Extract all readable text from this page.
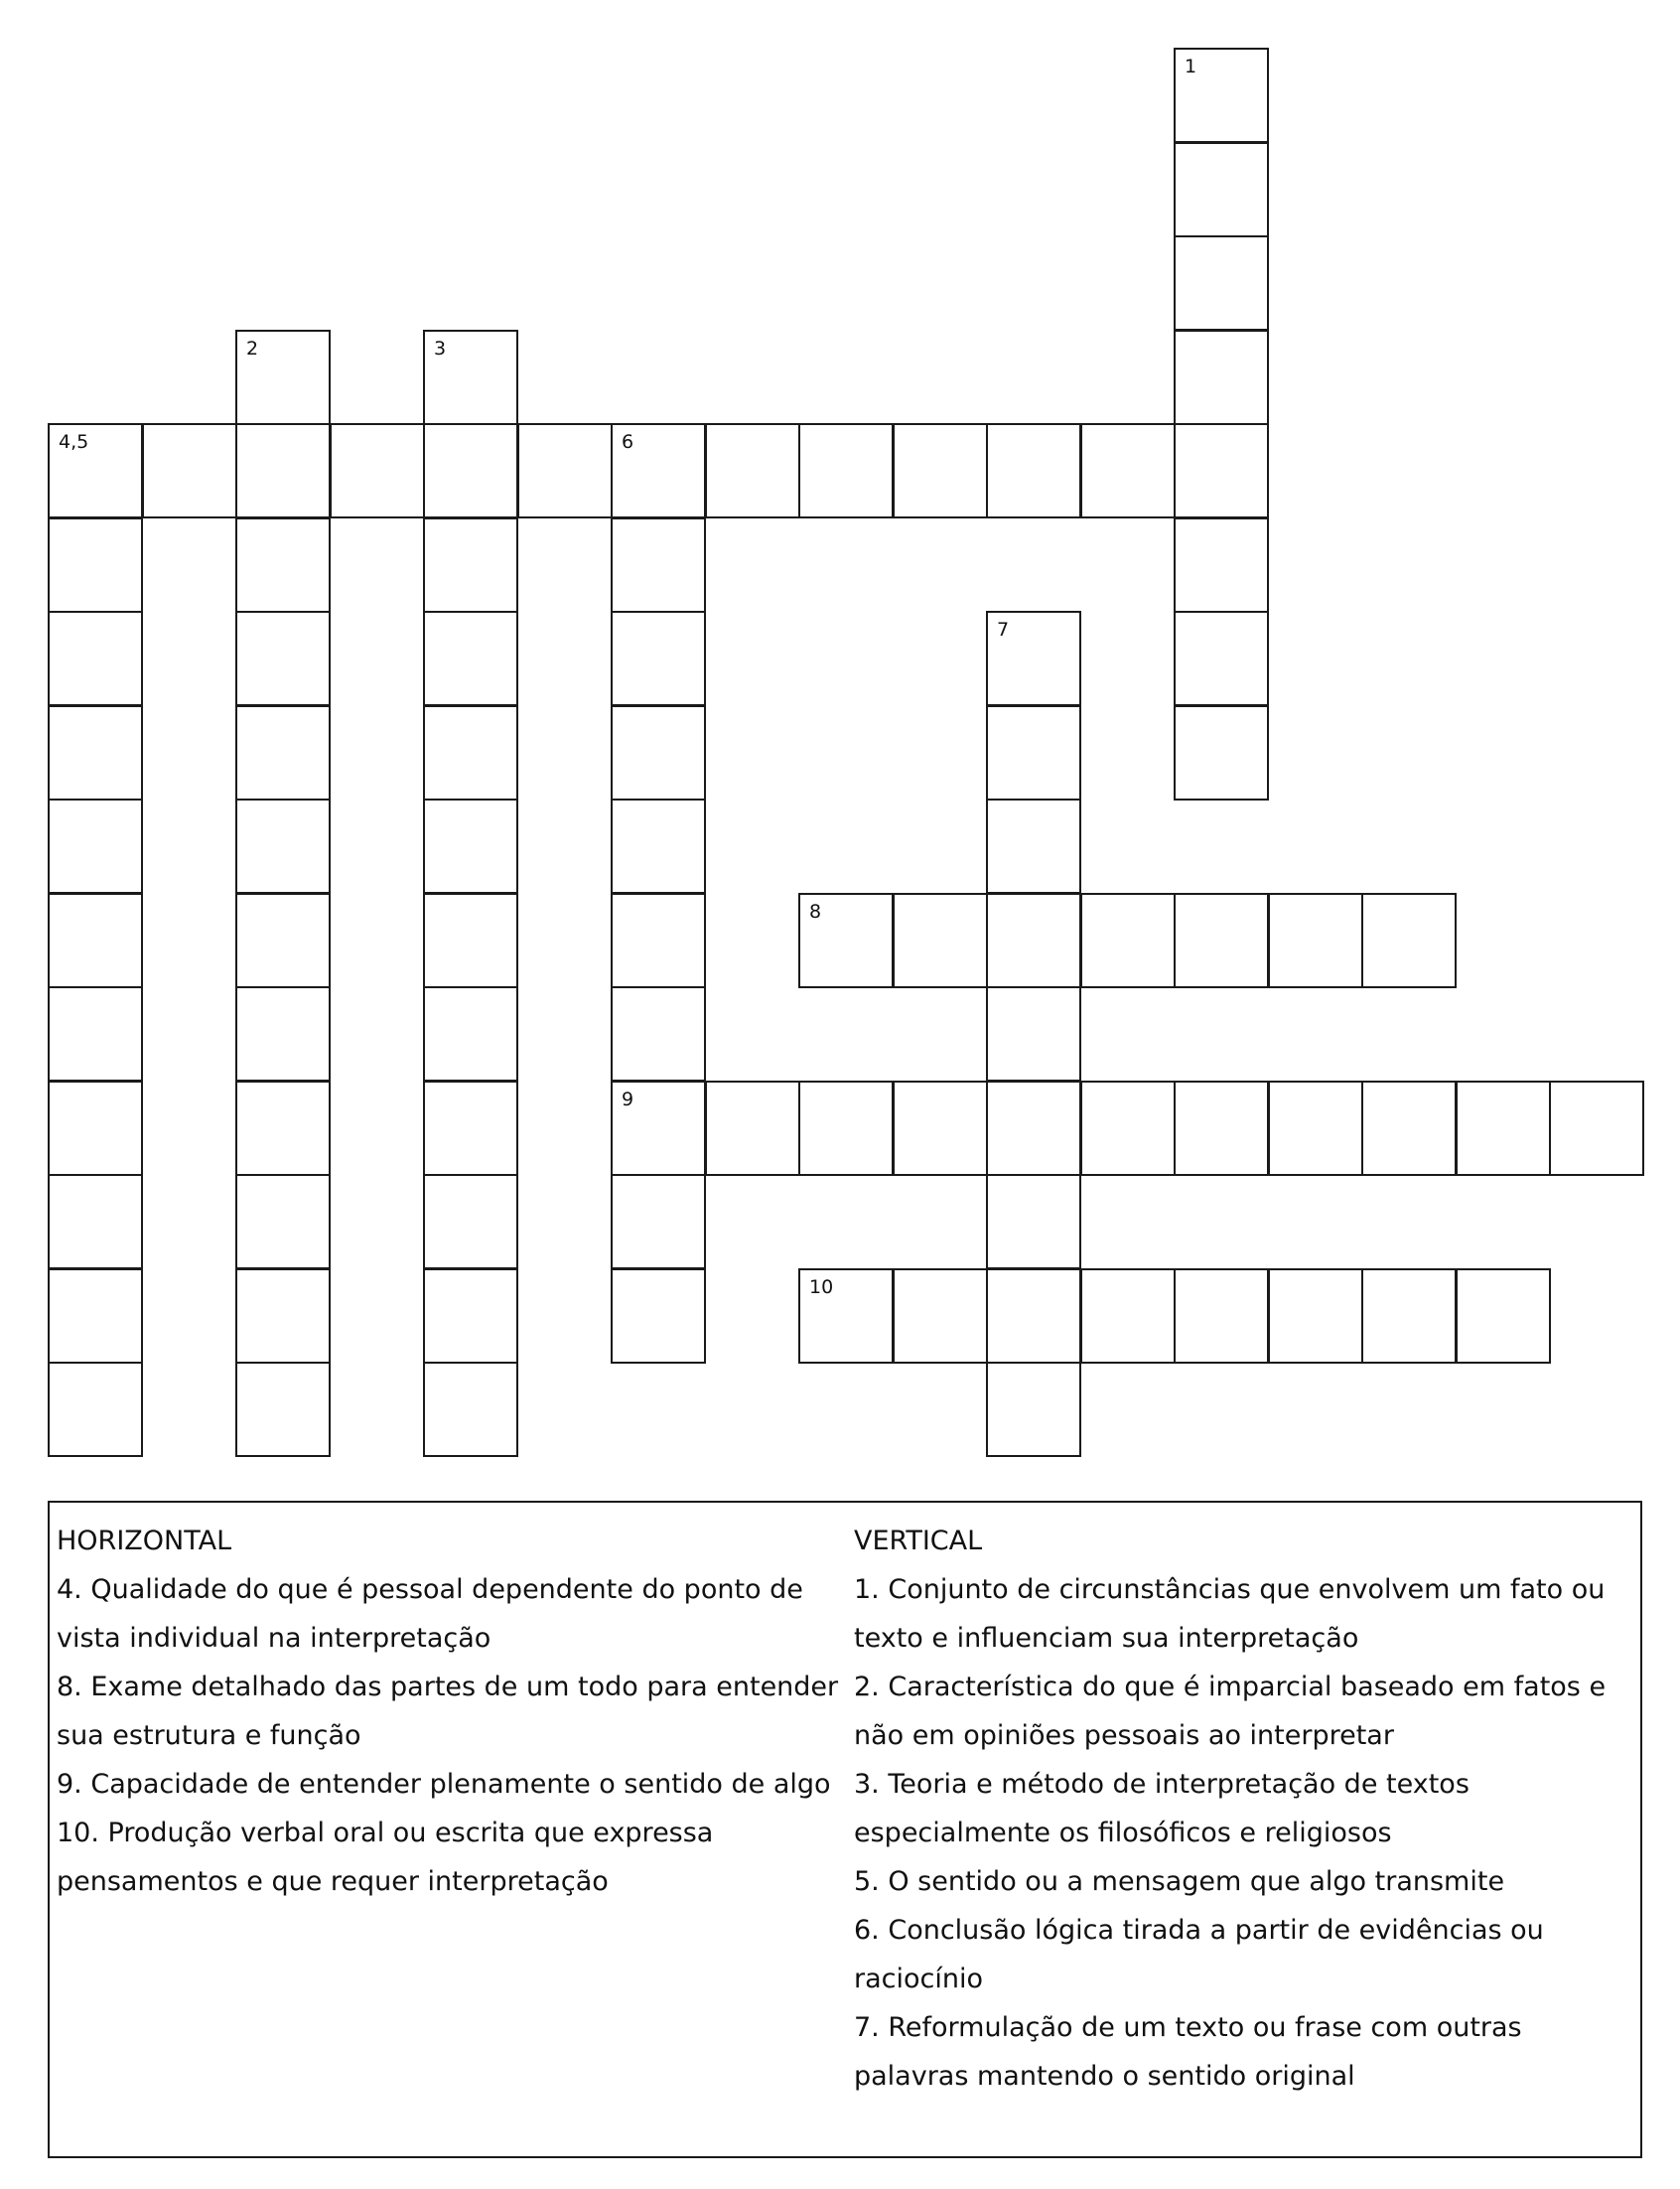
1
2	3
4,5	6
7
8
9
10
HORIZONTAL
4. Qualidade do que é pessoal dependente do ponto de vista individual na interpretação
8. Exame detalhado das partes de um todo para entender sua estrutura e função
9. Capacidade de entender plenamente o sentido de algo
10. Produção verbal oral ou escrita que expressa pensamentos e que requer interpretação
VERTICAL
1. Conjunto de circunstâncias que envolvem um fato ou texto e influenciam sua interpretação
2. Característica do que é imparcial baseado em fatos e não em opiniões pessoais ao interpretar
3. Teoria e método de interpretação de textos especialmente os filosóficos e religiosos
5. O sentido ou a mensagem que algo transmite
6. Conclusão lógica tirada a partir de evidências ou raciocínio
7. Reformulação de um texto ou frase com outras palavras mantendo o sentido original
